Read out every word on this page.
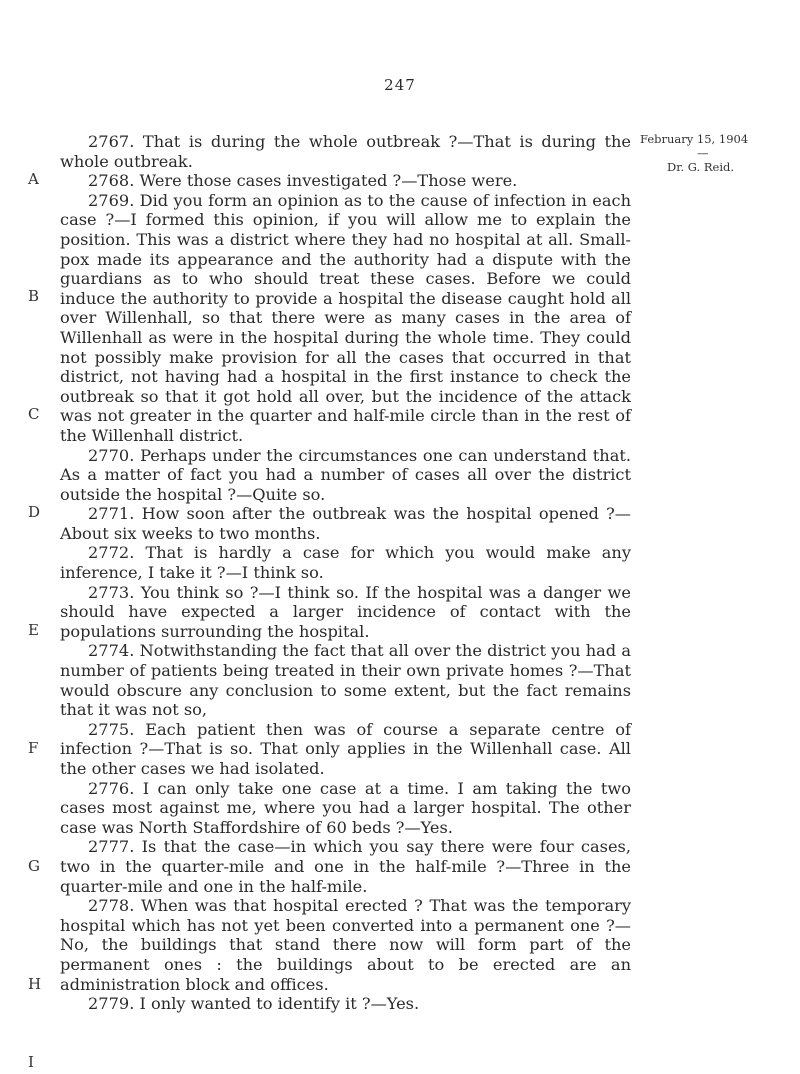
247
February 15, 1904
—
Dr. G. Reid.
A
B
C
D
E
F
G
H
I

2767. That is during the whole outbreak ?—That is during the whole outbreak.

2768. Were those cases investigated ?—Those were.

2769. Did you form an opinion as to the cause of infection in each case ?—I formed this opinion, if you will allow me to explain the position. This was a district where they had no hospital at all. Small-pox made its appearance and the authority had a dispute with the guardians as to who should treat these cases. Before we could induce the authority to provide a hospital the disease caught hold all over Willenhall, so that there were as many cases in the area of Willenhall as were in the hospital during the whole time. They could not possibly make provision for all the cases that occurred in that district, not having had a hospital in the first instance to check the outbreak so that it got hold all over, but the incidence of the attack was not greater in the quarter and half-mile circle than in the rest of the Willenhall district.

2770. Perhaps under the circumstances one can understand that. As a matter of fact you had a number of cases all over the district outside the hospital ?—Quite so.

2771. How soon after the outbreak was the hospital opened ?—About six weeks to two months.

2772. That is hardly a case for which you would make any inference, I take it ?—I think so.

2773. You think so ?—I think so. If the hospital was a danger we should have expected a larger incidence of contact with the populations surrounding the hospital.

2774. Notwithstanding the fact that all over the district you had a number of patients being treated in their own private homes ?—That would obscure any conclusion to some extent, but the fact remains that it was not so,

2775. Each patient then was of course a separate centre of infection ?—That is so. That only applies in the Willenhall case. All the other cases we had isolated.

2776. I can only take one case at a time. I am taking the two cases most against me, where you had a larger hospital. The other case was North Staffordshire of 60 beds ?—Yes.

2777. Is that the case—in which you say there were four cases, two in the quarter-mile and one in the half-mile ?—Three in the quarter-mile and one in the half-mile.

2778. When was that hospital erected ? That was the temporary hospital which has not yet been converted into a permanent one ?—No, the buildings that stand there now will form part of the permanent ones : the buildings about to be erected are an administration block and offices.

2779. I only wanted to identify it ?—Yes.
